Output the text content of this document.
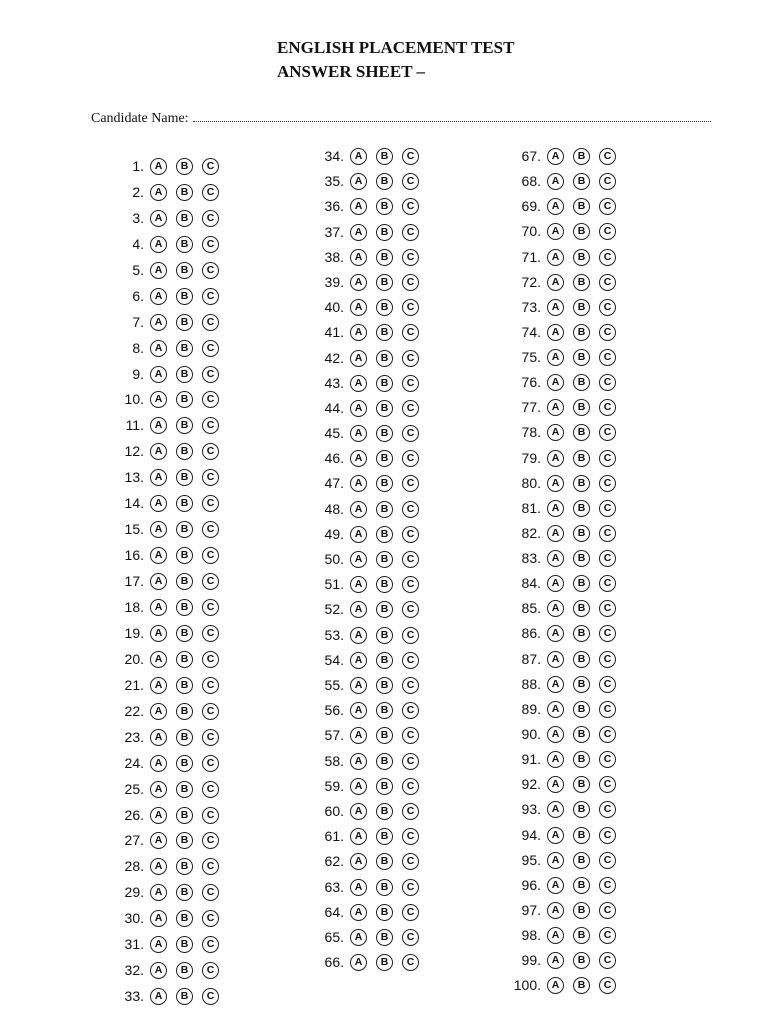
ENGLISH PLACEMENT TEST
ANSWER SHEET –
Candidate Name:
1.	A	B	C
2.	A	B	C
3.	A	B	C
4.	A	B	C
5.	A	B	C
6.	A	B	C
7.	A	B	C
8.	A	B	C
9.	A	B	C
10.	A	B	C
11.	A	B	C
12.	A	B	C
13.	A	B	C
14.	A	B	C
15.	A	B	C
16.	A	B	C
17.	A	B	C
18.	A	B	C
19.	A	B	C
20.	A	B	C
21.	A	B	C
22.	A	B	C
23.	A	B	C
24.	A	B	C
25.	A	B	C
26.	A	B	C
27.	A	B	C
28.	A	B	C
29.	A	B	C
30.	A	B	C
31.	A	B	C
32.	A	B	C
33.	A	B	C
34.	A	B	C
35.	A	B	C
36.	A	B	C
37.	A	B	C
38.	A	B	C
39.	A	B	C
40.	A	B	C
41.	A	B	C
42.	A	B	C
43.	A	B	C
44.	A	B	C
45.	A	B	C
46.	A	B	C
47.	A	B	C
48.	A	B	C
49.	A	B	C
50.	A	B	C
51.	A	B	C
52.	A	B	C
53.	A	B	C
54.	A	B	C
55.	A	B	C
56.	A	B	C
57.	A	B	C
58.	A	B	C
59.	A	B	C
60.	A	B	C
61.	A	B	C
62.	A	B	C
63.	A	B	C
64.	A	B	C
65.	A	B	C
66.	A	B	C
67.	A	B	C
68.	A	B	C
69.	A	B	C
70.	A	B	C
71.	A	B	C
72.	A	B	C
73.	A	B	C
74.	A	B	C
75.	A	B	C
76.	A	B	C
77.	A	B	C
78.	A	B	C
79.	A	B	C
80.	A	B	C
81.	A	B	C
82.	A	B	C
83.	A	B	C
84.	A	B	C
85.	A	B	C
86.	A	B	C
87.	A	B	C
88.	A	B	C
89.	A	B	C
90.	A	B	C
91.	A	B	C
92.	A	B	C
93.	A	B	C
94.	A	B	C
95.	A	B	C
96.	A	B	C
97.	A	B	C
98.	A	B	C
99.	A	B	C
100.	A	B	C
